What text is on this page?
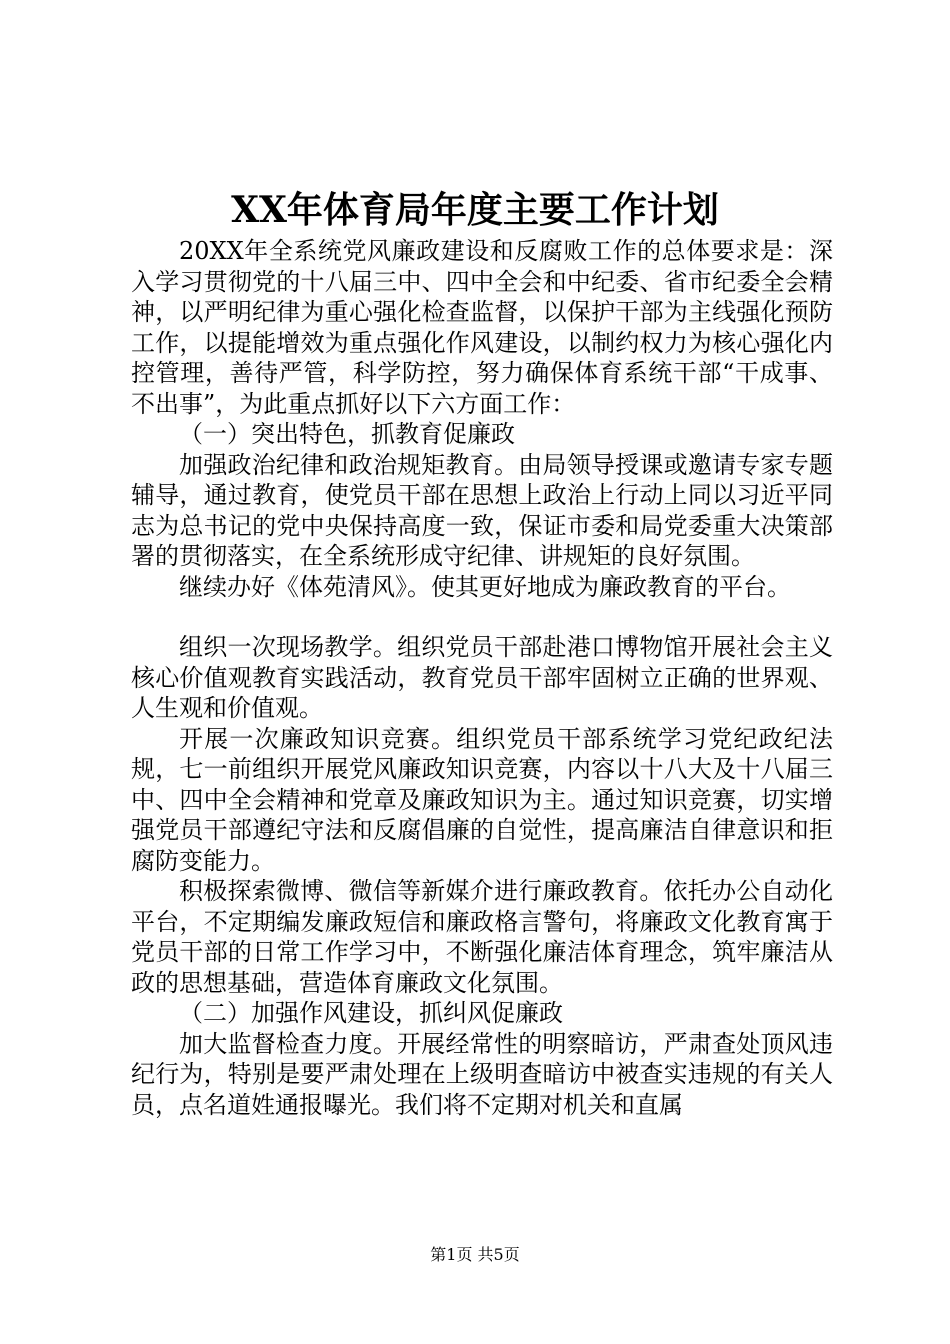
XX年体育局年度主要工作计划

20XX年全系统党风廉政建设和反腐败工作的总体要求是：深入学习贯彻党的十八届三中、四中全会和中纪委、省市纪委全会精神，以严明纪律为重心强化检查监督，以保护干部为主线强化预防工作，以提能增效为重点强化作风建设，以制约权力为核心强化内控管理，善待严管，科学防控，努力确保体育系统干部“干成事、不出事”，为此重点抓好以下六方面工作：

（一）突出特色，抓教育促廉政

加强政治纪律和政治规矩教育。由局领导授课或邀请专家专题辅导，通过教育，使党员干部在思想上政治上行动上同以习近平同志为总书记的党中央保持高度一致，保证市委和局党委重大决策部署的贯彻落实，在全系统形成守纪律、讲规矩的良好氛围。

继续办好《体苑清风》。使其更好地成为廉政教育的平台。

组织一次现场教学。组织党员干部赴港口博物馆开展社会主义核心价值观教育实践活动，教育党员干部牢固树立正确的世界观、人生观和价值观。

开展一次廉政知识竞赛。组织党员干部系统学习党纪政纪法规，七一前组织开展党风廉政知识竞赛，内容以十八大及十八届三中、四中全会精神和党章及廉政知识为主。通过知识竞赛，切实增强党员干部遵纪守法和反腐倡廉的自觉性，提高廉洁自律意识和拒腐防变能力。

积极探索微博、微信等新媒介进行廉政教育。依托办公自动化平台，不定期编发廉政短信和廉政格言警句，将廉政文化教育寓于党员干部的日常工作学习中，不断强化廉洁体育理念，筑牢廉洁从政的思想基础，营造体育廉政文化氛围。

（二）加强作风建设，抓纠风促廉政

加大监督检查力度。开展经常性的明察暗访，严肃查处顶风违纪行为，特别是要严肃处理在上级明查暗访中被查实违规的有关人员，点名道姓通报曝光。我们将不定期对机关和直属

第1页 共5页
